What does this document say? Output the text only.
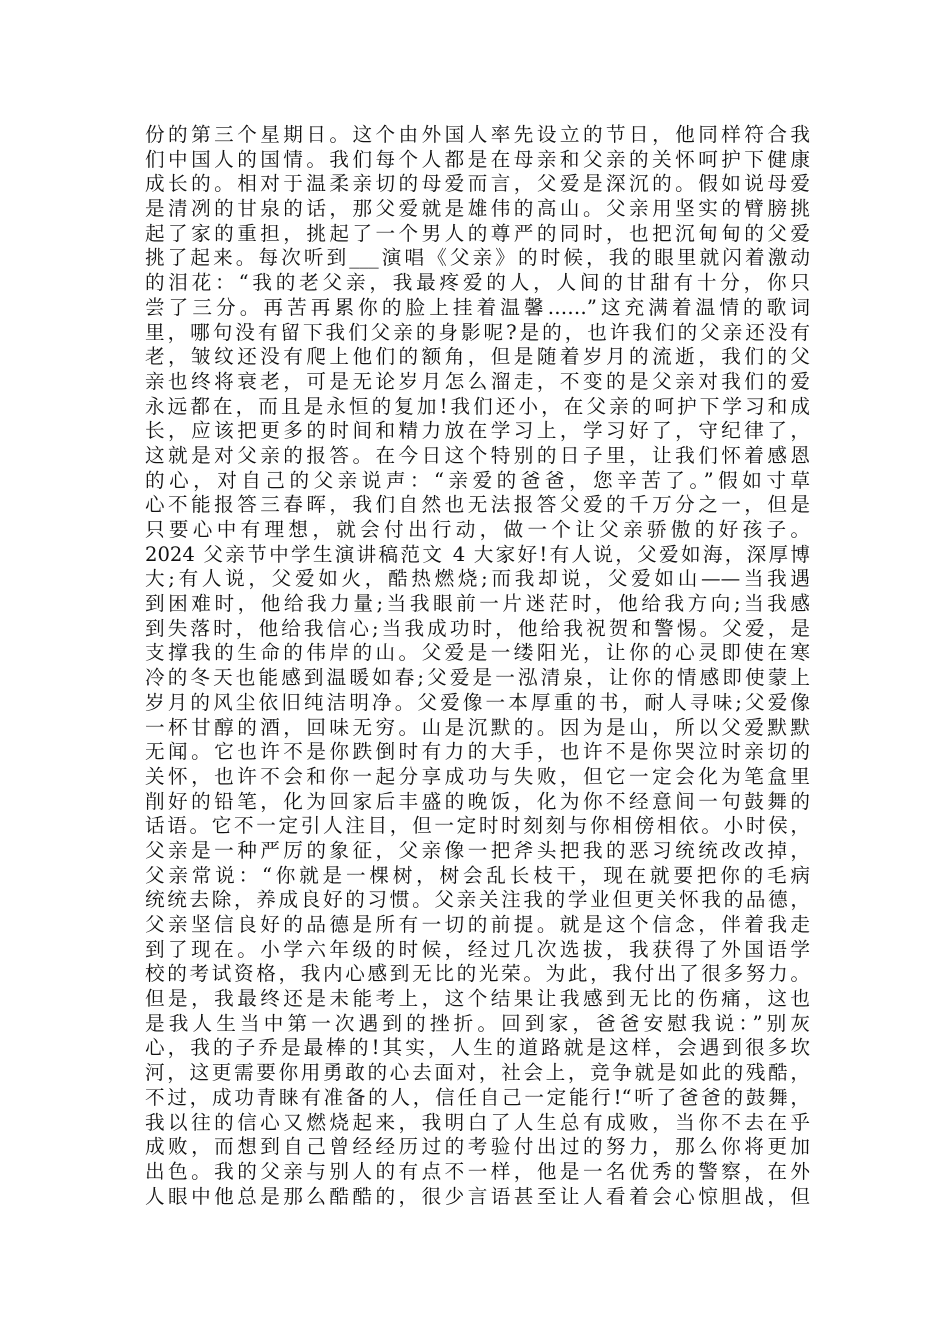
份的第三个星期日。这个由外国人率先设立的节日，他同样符合我
们中国人的国情。我们每个人都是在母亲和父亲的关怀呵护下健康
成长的。相对于温柔亲切的母爱而言，父爱是深沉的。假如说母爱
是清冽的甘泉的话，那父爱就是雄伟的高山。父亲用坚实的臂膀挑
起了家的重担，挑起了一个男人的尊严的同时，也把沉甸甸的父爱
挑了起来。每次听到___演唱《父亲》的时候，我的眼里就闪着激动
的泪花：“我的老父亲，我最疼爱的人，人间的甘甜有十分，你只
尝了三分。再苦再累你的脸上挂着温馨……”这充满着温情的歌词
里，哪句没有留下我们父亲的身影呢?是的，也许我们的父亲还没有
老，皱纹还没有爬上他们的额角，但是随着岁月的流逝，我们的父
亲也终将衰老，可是无论岁月怎么溜走，不变的是父亲对我们的爱
永远都在，而且是永恒的复加!我们还小，在父亲的呵护下学习和成
长，应该把更多的时间和精力放在学习上，学习好了，守纪律了，
这就是对父亲的报答。在今日这个特别的日子里，让我们怀着感恩
的心，对自己的父亲说声：“亲爱的爸爸，您辛苦了。”假如寸草
心不能报答三春晖，我们自然也无法报答父爱的千万分之一，但是
只要心中有理想，就会付出行动，做一个让父亲骄傲的好孩子。
2024 父亲节中学生演讲稿范文 4 大家好!有人说，父爱如海，深厚博
大;有人说，父爱如火，酷热燃烧;而我却说，父爱如山——当我遇
到困难时，他给我力量;当我眼前一片迷茫时，他给我方向;当我感
到失落时，他给我信心;当我成功时，他给我祝贺和警惕。父爱，是
支撑我的生命的伟岸的山。父爱是一缕阳光，让你的心灵即使在寒
冷的冬天也能感到温暖如春;父爱是一泓清泉，让你的情感即使蒙上
岁月的风尘依旧纯洁明净。父爱像一本厚重的书，耐人寻味;父爱像
一杯甘醇的酒，回味无穷。山是沉默的。因为是山，所以父爱默默
无闻。它也许不是你跌倒时有力的大手，也许不是你哭泣时亲切的
关怀，也许不会和你一起分享成功与失败，但它一定会化为笔盒里
削好的铅笔，化为回家后丰盛的晚饭，化为你不经意间一句鼓舞的
话语。它不一定引人注目，但一定时时刻刻与你相傍相依。小时侯，
父亲是一种严厉的象征，父亲像一把斧头把我的恶习统统改改掉，
父亲常说：“你就是一棵树，树会乱长枝干，现在就要把你的毛病
统统去除，养成良好的习惯。父亲关注我的学业但更关怀我的品德，
父亲坚信良好的品德是所有一切的前提。就是这个信念，伴着我走
到了现在。小学六年级的时候，经过几次选拔，我获得了外国语学
校的考试资格，我内心感到无比的光荣。为此，我付出了很多努力。
但是，我最终还是未能考上，这个结果让我感到无比的伤痛，这也
是我人生当中第一次遇到的挫折。回到家，爸爸安慰我说：”别灰
心，我的子乔是最棒的!其实，人生的道路就是这样，会遇到很多坎
河，这更需要你用勇敢的心去面对，社会上，竞争就是如此的残酷，
不过，成功青睐有准备的人，信任自己一定能行!“听了爸爸的鼓舞，
我以往的信心又燃烧起来，我明白了人生总有成败，当你不去在乎
成败，而想到自己曾经经历过的考验付出过的努力，那么你将更加
出色。我的父亲与别人的有点不一样，他是一名优秀的警察，在外
人眼中他总是那么酷酷的，很少言语甚至让人看着会心惊胆战，但
